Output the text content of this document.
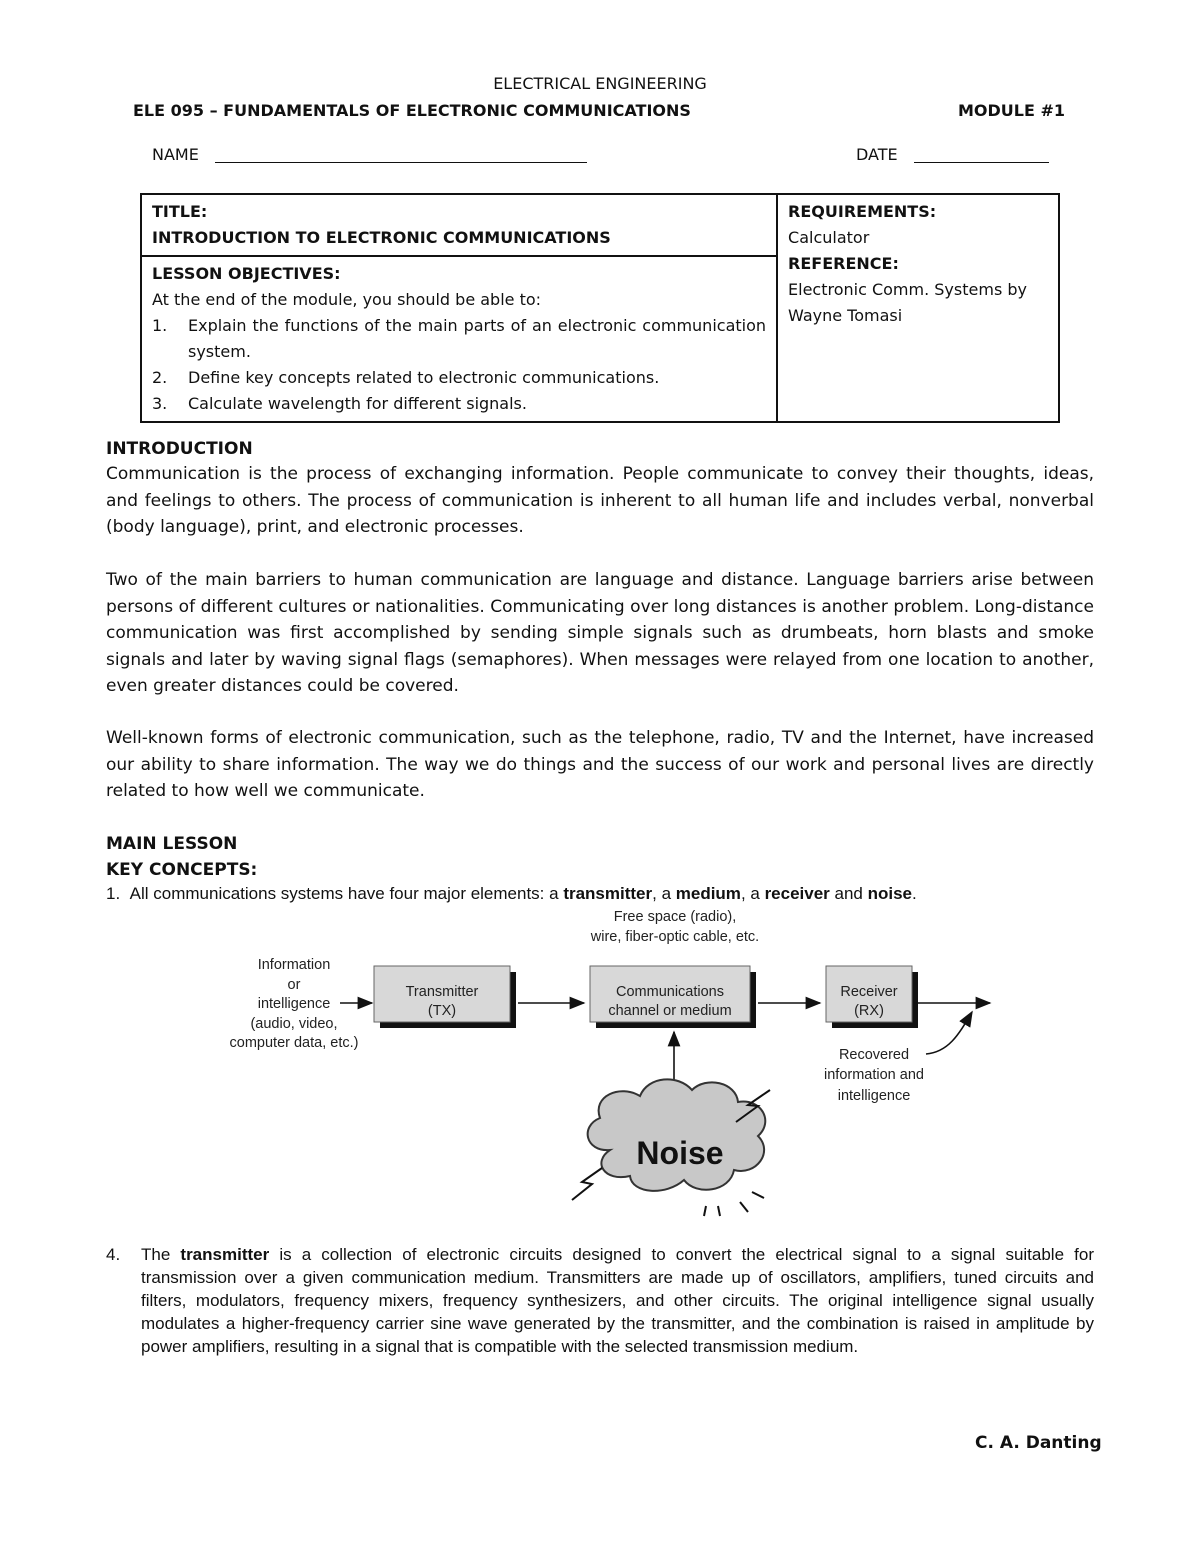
ELECTRICAL ENGINEERING
ELE 095 – FUNDAMENTALS OF ELECTRONIC COMMUNICATIONS	MODULE #1
NAME	DATE
TITLE:
INTRODUCTION TO ELECTRONIC COMMUNICATIONS

REQUIREMENTS:
Calculator
REFERENCE:
Electronic Comm. Systems by Wayne Tomasi

LESSON OBJECTIVES:
At the end of the module, you should be able to:
1. Explain the functions of the main parts of an electronic communication system.
2. Define key concepts related to electronic communications.
3. Calculate wavelength for different signals.
INTRODUCTION
Communication is the process of exchanging information. People communicate to convey their thoughts, ideas, and feelings to others. The process of communication is inherent to all human life and includes verbal, nonverbal (body language), print, and electronic processes.
Two of the main barriers to human communication are language and distance. Language barriers arise between persons of different cultures or nationalities. Communicating over long distances is another problem. Long-distance communication was first accomplished by sending simple signals such as drumbeats, horn blasts and smoke signals and later by waving signal flags (semaphores). When messages were relayed from one location to another, even greater distances could be covered.
Well-known forms of electronic communication, such as the telephone, radio, TV and the Internet, have increased our ability to share information. The way we do things and the success of our work and personal lives are directly related to how well we communicate.
MAIN LESSON
KEY CONCEPTS:
1. All communications systems have four major elements: a transmitter, a medium, a receiver and noise.
Information
or
intelligence
(audio, video,
computer data, etc.)
Transmitter
(TX)
Free space (radio),
wire, fiber-optic cable, etc.
Communications
channel or medium
Receiver
(RX)
Recovered
information and
intelligence
Noise
4.	The transmitter is a collection of electronic circuits designed to convert the electrical signal to a signal suitable for transmission over a given communication medium. Transmitters are made up of oscillators, amplifiers, tuned circuits and filters, modulators, frequency mixers, frequency synthesizers, and other circuits. The original intelligence signal usually modulates a higher-frequency carrier sine wave generated by the transmitter, and the combination is raised in amplitude by power amplifiers, resulting in a signal that is compatible with the selected transmission medium.
C. A. Danting
